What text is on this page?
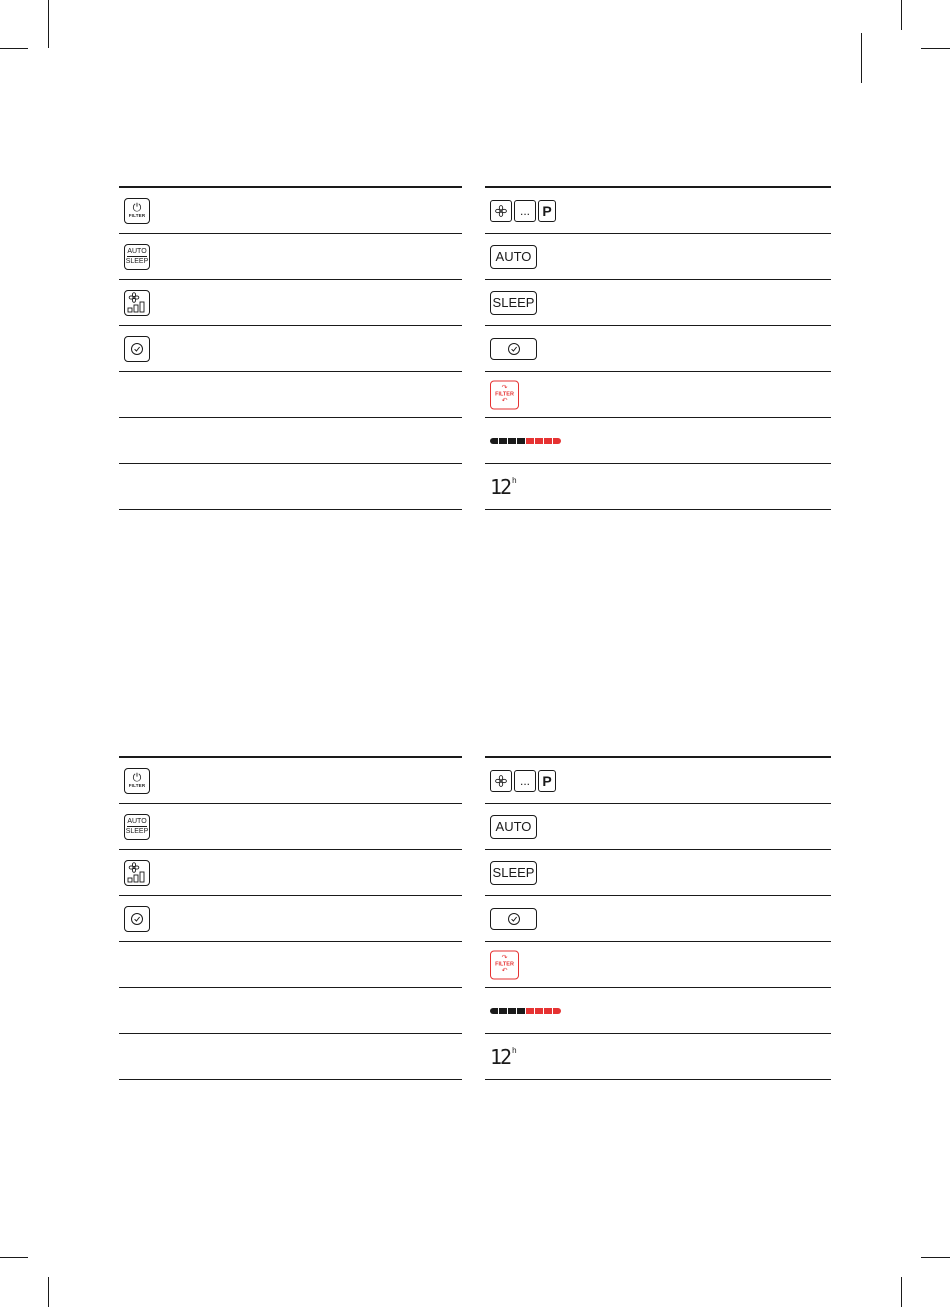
⏻
FILTER
AUTO
SLEEP
... P
AUTO
SLEEP
↷
FILTER
↶
12 h
⏻
FILTER
AUTO
SLEEP
... P
AUTO
SLEEP
↷
FILTER
↶
12 h
